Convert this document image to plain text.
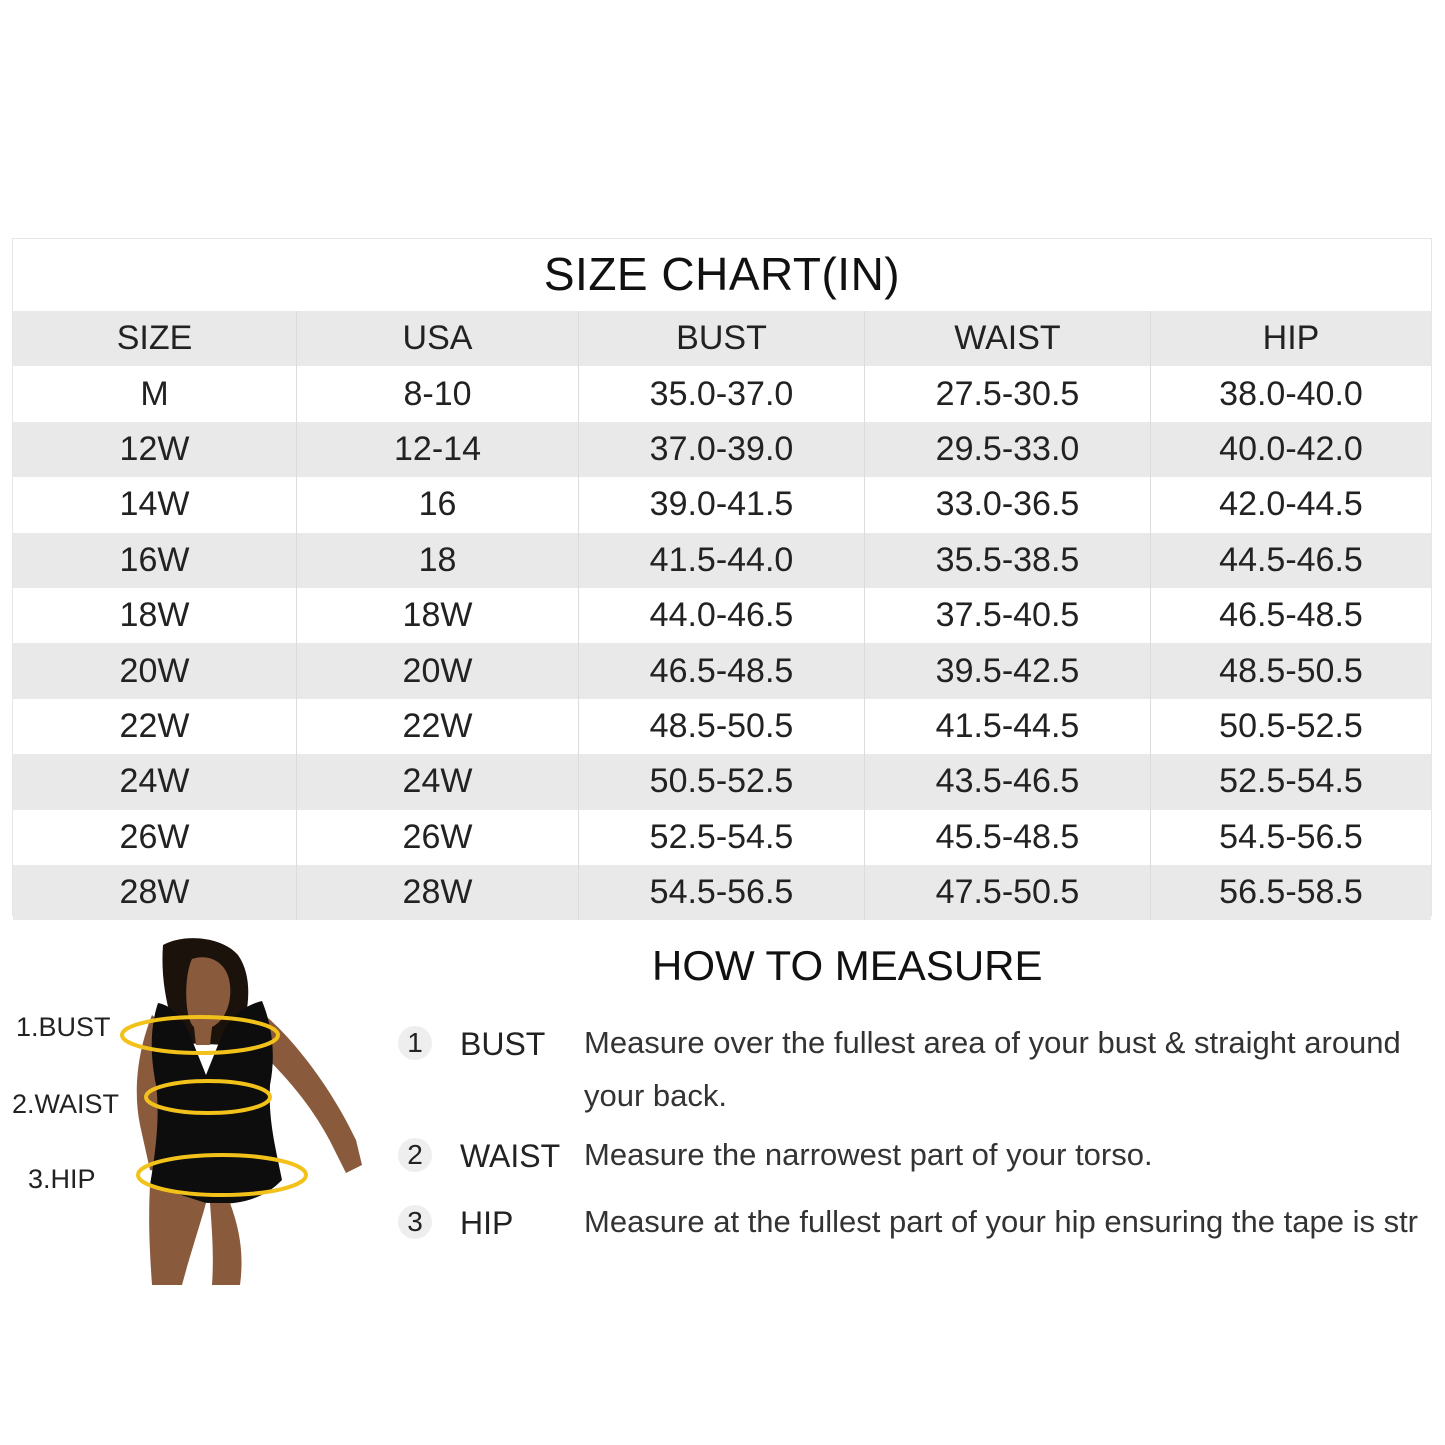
SIZE CHART(IN)
SIZE	USA	BUST	WAIST	HIP
M	8-10	35.0-37.0	27.5-30.5	38.0-40.0
12W	12-14	37.0-39.0	29.5-33.0	40.0-42.0
14W	16	39.0-41.5	33.0-36.5	42.0-44.5
16W	18	41.5-44.0	35.5-38.5	44.5-46.5
18W	18W	44.0-46.5	37.5-40.5	46.5-48.5
20W	20W	46.5-48.5	39.5-42.5	48.5-50.5
22W	22W	48.5-50.5	41.5-44.5	50.5-52.5
24W	24W	50.5-52.5	43.5-46.5	52.5-54.5
26W	26W	52.5-54.5	45.5-48.5	54.5-56.5
28W	28W	54.5-56.5	47.5-50.5	56.5-58.5
1.BUST
2.WAIST
3.HIP
HOW TO MEASURE
1 BUST Measure over the fullest area of your bust & straight around your back.
2 WAIST Measure the narrowest part of your torso.
3 HIP Measure at the fullest part of your hip ensuring the tape is str
